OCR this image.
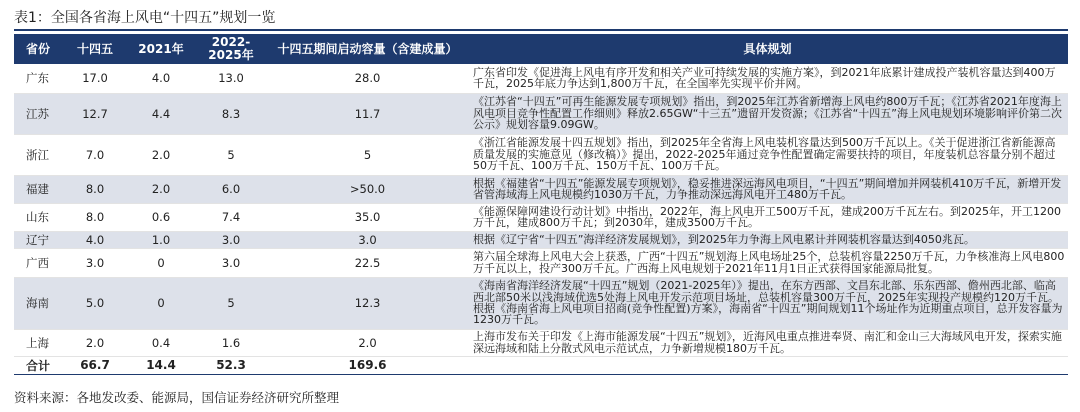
表1：全国各省海上风电“十四五”规划一览
省份	十四五	2021年	2022-2025年	十四五期间启动容量（含建成量）	具体规划
广东	17.0	4.0	13.0	28.0	广东省印发《促进海上风电有序开发和相关产业可持续发展的实施方案》，到2021年底累计建成投产装机容量达到400万千瓦，2025年底力争达到1,800万千瓦，在全国率先实现平价并网。
江苏	12.7	4.4	8.3	11.7	《江苏省“十四五”可再生能源发展专项规划》指出，到2025年江苏省新增海上风电约800万千瓦；《江苏省2021年度海上风电项目竞争性配置工作细则》释放2.65GW“十三五”遗留开发资源；《江苏省“十四五”海上风电规划环境影响评价第二次公示》规划容量9.09GW。
浙江	7.0	2.0	5	5	《浙江省能源发展十四五规划》指出，到2025年全省海上风电装机容量达到500万千瓦以上。《关于促进浙江省新能源高质量发展的实施意见（修改稿）》提出，2022-2025年通过竞争性配置确定需要扶持的项目，年度装机总容量分别不超过50万千瓦、100万千瓦、150万千瓦、100万千瓦。
福建	8.0	2.0	6.0	>50.0	根据《福建省“十四五”能源发展专项规划》，稳妥推进深远海风电项目，“十四五”期间增加并网装机410万千瓦，新增开发省管海域海上风电规模约1030万千瓦，力争推动深远海风电开工480万千瓦。
山东	8.0	0.6	7.4	35.0	《能源保障网建设行动计划》中指出，2022年，海上风电开工500万千瓦，建成200万千瓦左右。到2025年，开工1200万千瓦，建成800万千瓦；到2030年，建成3500万千瓦。
辽宁	4.0	1.0	3.0	3.0	根据《辽宁省“十四五”海洋经济发展规划》，到2025年力争海上风电累计并网装机容量达到4050兆瓦。
广西	3.0	0	3.0	22.5	第六届全球海上风电大会上获悉，广西“十四五”规划海上风电场址25个，总装机容量2250万千瓦，力争核准海上风电800万千瓦以上，投产300万千瓦。广西海上风电规划于2021年11月1日正式获得国家能源局批复。
海南	5.0	0	5	12.3	《海南省海洋经济发展“十四五”规划（2021-2025年）》提出，在东方西部、文昌东北部、乐东西部、儋州西北部、临高西北部50米以浅海域优选5处海上风电开发示范项目场址，总装机容量300万千瓦，2025年实现投产规模约120万千瓦。根据《海南省海上风电项目招商(竞争性配置)方案》，海南省“十四五”期间规划11个场址作为近期重点项目，总开发容量为1230万千瓦。
上海	2.0	0.4	1.6	2.0	上海市发布关于印发《上海市能源发展“十四五”规划》，近海风电重点推进奉贤、南汇和金山三大海域风电开发，探索实施深远海域和陆上分散式风电示范试点，力争新增规模180万千瓦。
合计	66.7	14.4	52.3	169.6	
资料来源：各地发改委、能源局，国信证券经济研究所整理
